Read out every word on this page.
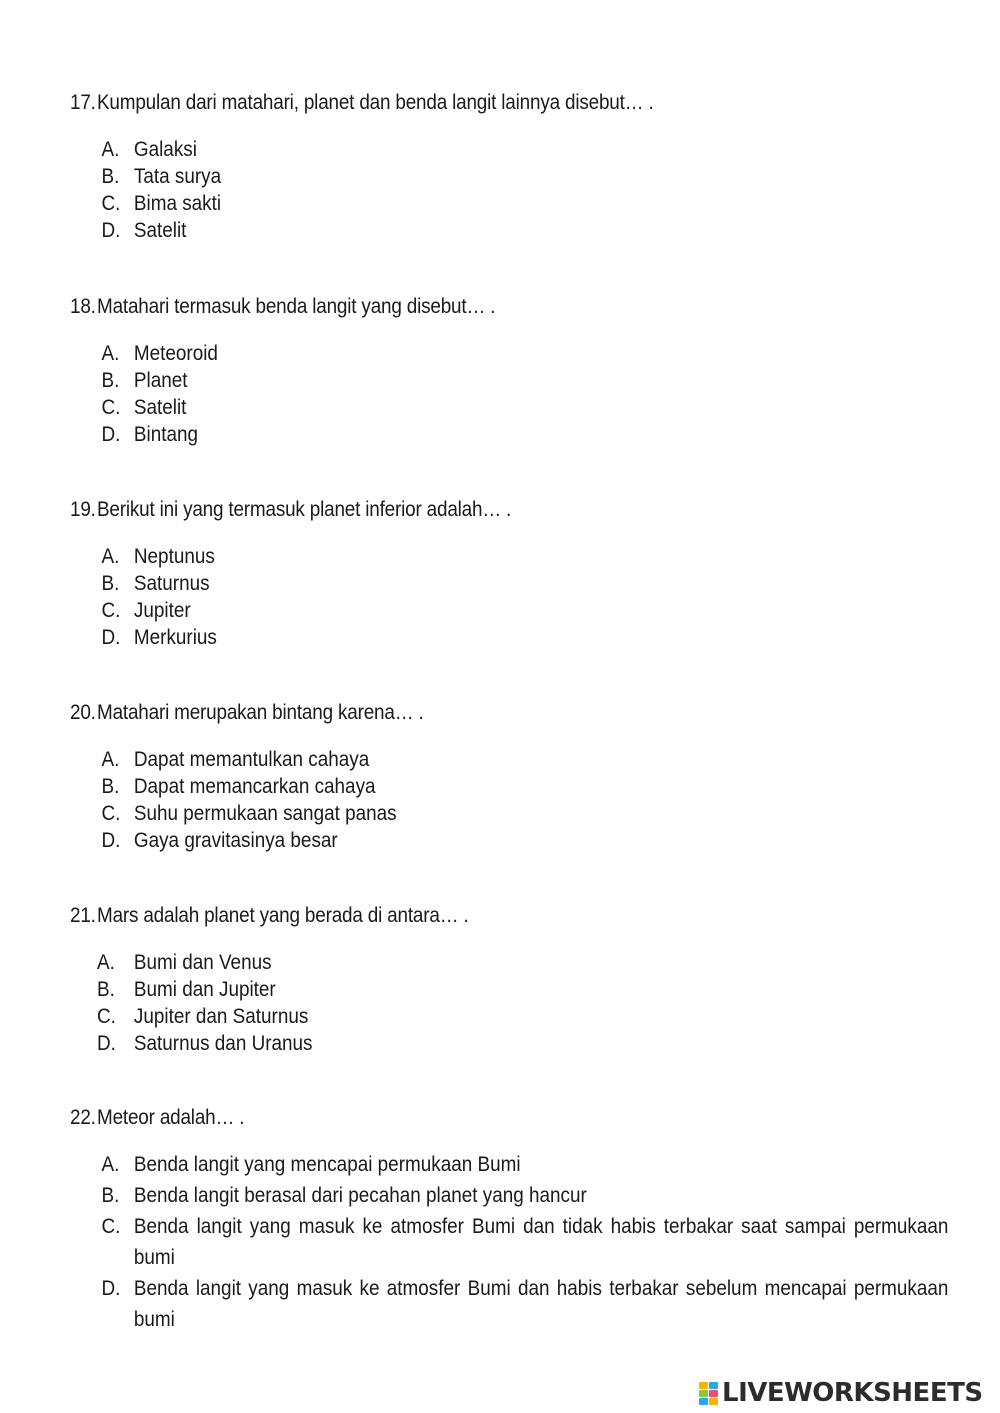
17. Kumpulan dari matahari, planet dan benda langit lainnya disebut… .
A. Galaksi
B. Tata surya
C. Bima sakti
D. Satelit
18. Matahari termasuk benda langit yang disebut… .
A. Meteoroid
B. Planet
C. Satelit
D. Bintang
19. Berikut ini yang termasuk planet inferior adalah… .
A. Neptunus
B. Saturnus
C. Jupiter
D. Merkurius
20. Matahari merupakan bintang karena… .
A. Dapat memantulkan cahaya
B. Dapat memancarkan cahaya
C. Suhu permukaan sangat panas
D. Gaya gravitasinya besar
21. Mars adalah planet yang berada di antara… .
A. Bumi dan Venus
B. Bumi dan Jupiter
C. Jupiter dan Saturnus
D. Saturnus dan Uranus
22. Meteor adalah… .
A. Benda langit yang mencapai permukaan Bumi
B. Benda langit berasal dari pecahan planet yang hancur
C. Benda langit yang masuk ke atmosfer Bumi dan tidak habis terbakar saat sampai permukaan bumi
D. Benda langit yang masuk ke atmosfer Bumi dan habis terbakar sebelum mencapai permukaan bumi
LIVEWORKSHEETS
